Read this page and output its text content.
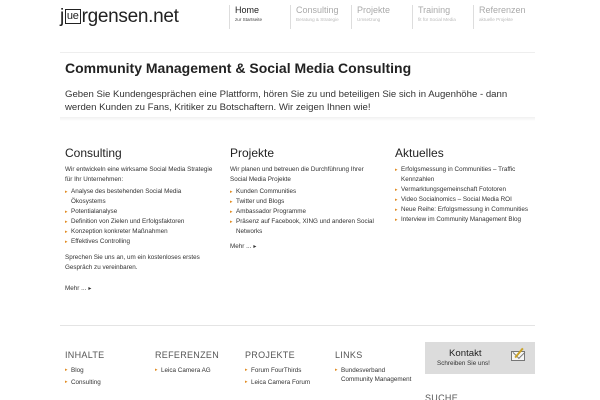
j ue rgensen.net	Home
zur Startseite
Consulting
Beratung & Strategie
Projekte
Umsetzung
Training
fit für Social Media
Referenzen
aktuelle Projekte
Community Management & Social Media Consulting

Geben Sie Kundengesprächen eine Plattform, hören Sie zu und beteiligen Sie sich in Augenhöhe - dann werden Kunden zu Fans, Kritiker zu Botschaftern. Wir zeigen Ihnen wie!

Consulting

Wir entwickeln eine wirksame Social Media Strategie für Ihr Unternehmen:

▸ Analyse des bestehenden Social Media Ökosystems
▸ Potentialanalyse
▸ Definition von Zielen und Erfolgsfaktoren
▸ Konzeption konkreter Maßnahmen
▸ Effektives Controlling

Sprechen Sie uns an, um ein kostenloses erstes Gespräch zu vereinbaren.

Mehr ... ▸
Projekte

Wir planen und betreuen die Durchführung Ihrer Social Media Projekte

▸ Kunden Communities
▸ Twitter und Blogs
▸ Ambassador Programme
▸ Präsenz auf Facebook, XING und anderen Social Networks
Mehr ... ▸
Aktuelles
▸ Erfolgsmessung in Communities – Traffic Kennzahlen
▸ Vermarktungsgemeinschaft Fototoren
▸ Video Socialnomics – Social Media ROI
▸ Neue Reihe: Erfolgsmessung in Communities
▸ Interview im Community Management Blog
INHALTE
▸ Blog
▸ Consulting
REFERENZEN
▸ Leica Camera AG
PROJEKTE
▸ Forum FourThirds
▸ Leica Camera Forum
LINKS
▸ Bundesverband Community Management
Kontakt
Schreiben Sie uns!
SUCHE
